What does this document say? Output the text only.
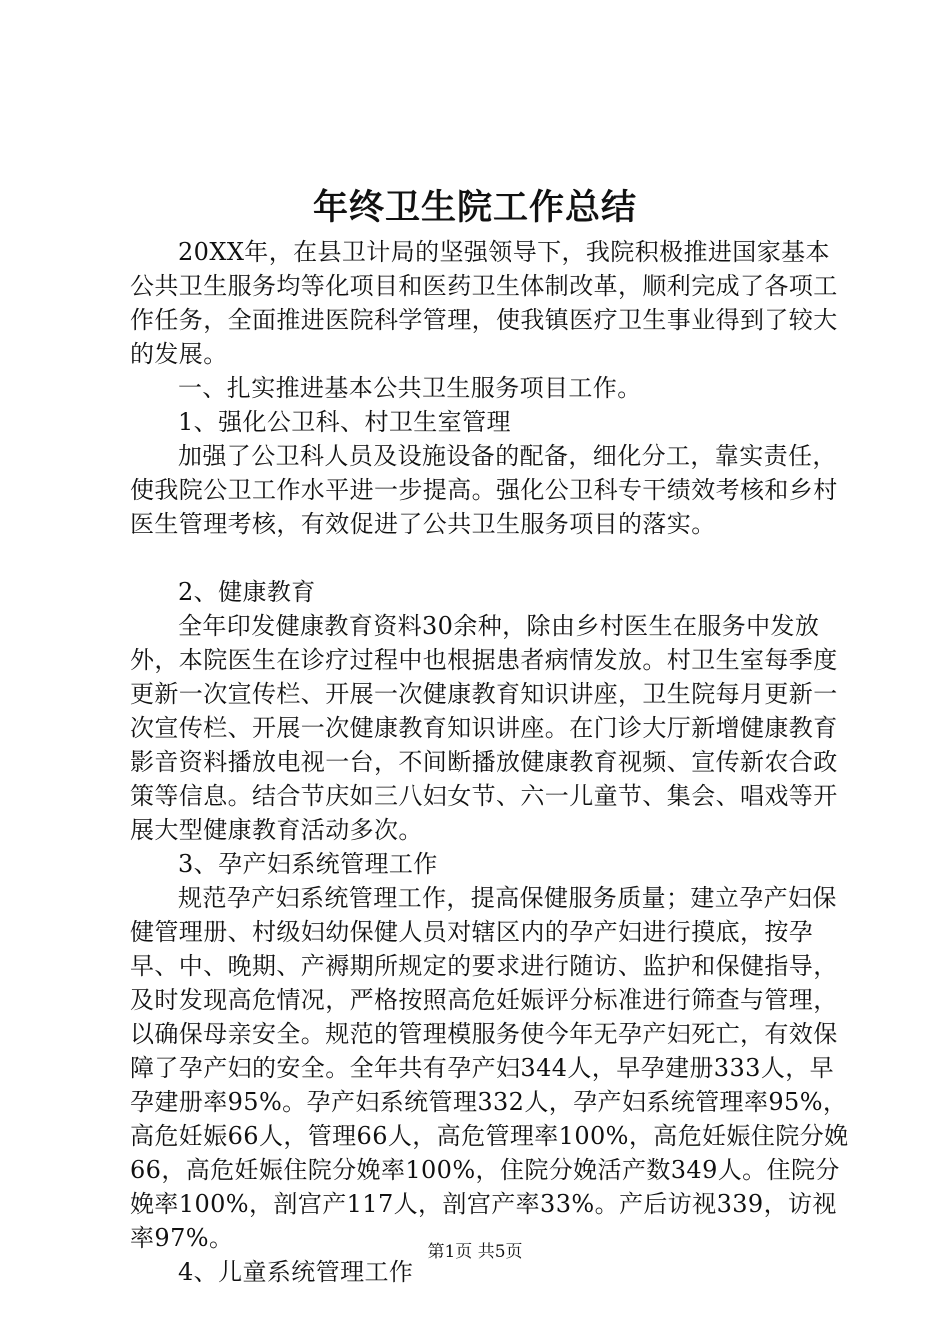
年终卫生院工作总结

20XX年，在县卫计局的坚强领导下，我院积极推进国家基本公共卫生服务均等化项目和医药卫生体制改革，顺利完成了各项工作任务，全面推进医院科学管理，使我镇医疗卫生事业得到了较大的发展。

一、扎实推进基本公共卫生服务项目工作。

1、强化公卫科、村卫生室管理

加强了公卫科人员及设施设备的配备，细化分工，靠实责任，使我院公卫工作水平进一步提高。强化公卫科专干绩效考核和乡村医生管理考核，有效促进了公共卫生服务项目的落实。

2、健康教育

全年印发健康教育资料30余种，除由乡村医生在服务中发放外，本院医生在诊疗过程中也根据患者病情发放。村卫生室每季度更新一次宣传栏、开展一次健康教育知识讲座，卫生院每月更新一次宣传栏、开展一次健康教育知识讲座。在门诊大厅新增健康教育影音资料播放电视一台，不间断播放健康教育视频、宣传新农合政策等信息。结合节庆如三八妇女节、六一儿童节、集会、唱戏等开展大型健康教育活动多次。

3、孕产妇系统管理工作

规范孕产妇系统管理工作，提高保健服务质量；建立孕产妇保健管理册、村级妇幼保健人员对辖区内的孕产妇进行摸底，按孕早、中、晚期、产褥期所规定的要求进行随访、监护和保健指导，及时发现高危情况，严格按照高危妊娠评分标准进行筛查与管理，以确保母亲安全。规范的管理模服务使今年无孕产妇死亡，有效保障了孕产妇的安全。全年共有孕产妇344人，早孕建册333人，早孕建册率95%。孕产妇系统管理332人，孕产妇系统管理率95%，高危妊娠66人，管理66人，高危管理率100%，高危妊娠住院分娩66，高危妊娠住院分娩率100%，住院分娩活产数349人。住院分娩率100%，剖宫产117人，剖宫产率33%。产后访视339，访视率97%。

4、儿童系统管理工作

第1页 共5页
